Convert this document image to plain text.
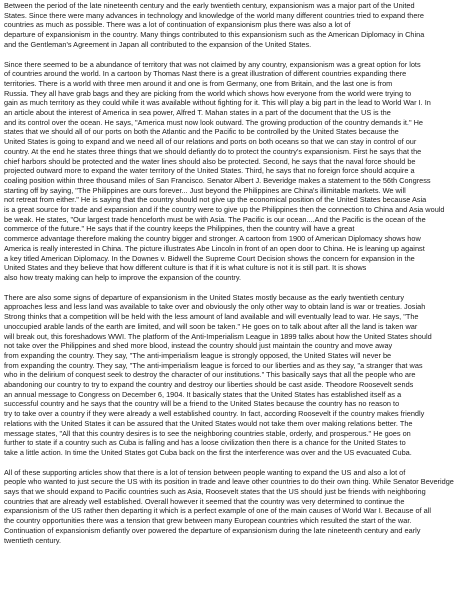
Between the period of the late nineteenth century and the early twentieth century, expansionism was a major part of the United
States. Since there were many advances in technology and knowledge of the world many different countries tried to expand there
countries as much as possible. There was a lot of continuation of expansionism plus there was also a lot of
departure of expansionism in the country. Many things contributed to this expansionism such as the American Diplomacy in China
and the Gentleman's Agreement in Japan all contributed to the expansion of the United States.
Since there seemed to be a abundance of territory that was not claimed by any country, expansionism was a great option for lots
of countries around the world. In a cartoon by Thomas Nast there is a great illustration of different countries expanding there
territories. There is a world with three men around it and one is from Germany, one from Britain, and the last one is from
Russia. They all have grab bags and they are picking from the world which shows how everyone from the world were trying to
gain as much territory as they could while it was available without fighting for it. This will play a big part in the lead to World War I. In
an article about the interest of America in sea power, Alfred T. Mahan states in a part of the document that the US is the
and its control over the ocean. He says, "America must now look outward. The growing production of the country demands it." He
states that we should all of our ports on both the Atlantic and the Pacific to be controlled by the United States because the
United States is going to expand and we need all of our relations and ports on both oceans so that we can stay in control of our
country. At the end he states three things that we should defiantly do to protect the country's expansionism. First he says that the
chief harbors should be protected and the water lines should also be protected. Second, he says that the naval force should be
projected outward more to expand the water territory of the United States. Third, he says that no foreign force should acquire a
coaling position within three thousand miles of San Francisco. Senator Albert J. Beveridge makes a statement to the 56th Congress
starting off by saying, "The Philippines are ours forever... Just beyond the Philippines are China's illimitable markets. We will
not retreat from either." He is saying that the country should not give up the economical position of the United States because Asia
is a great source for trade and expansion and if the country were to give up the Philippines then the connection to China and Asia would
be weak. He states, "Our largest trade henceforth must be with Asia. The Pacific is our ocean....And the Pacific is the ocean of the
commerce of the future." He says that if the country keeps the Philippines, then the country will have a great
commerce advantage therefore making the country bigger and stronger. A cartoon from 1900 of American Diplomacy shows how
America is really interested in China. The picture illustrates Abe Lincoln in front of an open door to China. He is leaning up against
a key titled American Diplomacy. In the Downes v. Bidwell the Supreme Court Decision shows the concern for expansion in the
United States and they believe that how different culture is that if it is what culture is not it is still part. It is shows
also how treaty making can help to improve the expansion of the country.
There are also some signs of departure of expansionism in the United States mostly because as the early twentieth century
approaches less and less land was available to take over and obviously the only other way to obtain land is war or treaties. Josiah
Strong thinks that a competition will be held with the less amount of land available and will eventually lead to war. He says, "The
unoccupied arable lands of the earth are limited, and will soon be taken." He goes on to talk about after all the land is taken war
will break out, this foreshadows WWI. The platform of the Anti-Imperialism League in 1899 talks about how the United States should
not take over the Philippines and shed more blood, instead the country should just maintain the country and move away
from expanding the country. They say, "The anti-imperialism league is strongly opposed, the United States will never be
from expanding the country. They say, "The anti-imperialism league is forced to our liberties and as they say, "a stranger that was
who in the delirium of conquest seek to destroy the character of our institutions." This basically says that all the people who are
abandoning our country to try to expand the country and destroy our liberties should be cast aside. Theodore Roosevelt sends
an annual message to Congress on December 6, 1904. It basically states that the United States has established itself as a
successful country and he says that the country will be a friend to the United States because the country has no reason to
try to take over a country if they were already a well established country. In fact, according Roosevelt if the country makes friendly
relations with the United States it can be assured that the United States would not take them over making relations better. The
message states, "All that this country desires is to see the neighboring countries stable, orderly, and prosperous." He goes on
further to state if a country such as Cuba is falling and has a loose civilization then there is a chance for the United States to
take a little action. In time the United States got Cuba back on the first the interference was over and the US evacuated Cuba.
All of these supporting articles show that there is a lot of tension between people wanting to expand the US and also a lot of
people who wanted to just secure the US with its position in trade and leave other countries to do their own thing. While Senator Beveridge
says that we should expand to Pacific countries such as Asia, Roosevelt states that the US should just be friends with neighboring
countries that are already well established. Overall however it seemed that the country was very determined to continue the
expansionism of the US rather then departing it which is a perfect example of one of the main causes of World War I. Because of all
the country opportunities there was a tension that grew between many European countries which resulted the start of the war.
Continuation of expansionism defiantly over powered the departure of expansionism during the late nineteenth century and early
twentieth century.
